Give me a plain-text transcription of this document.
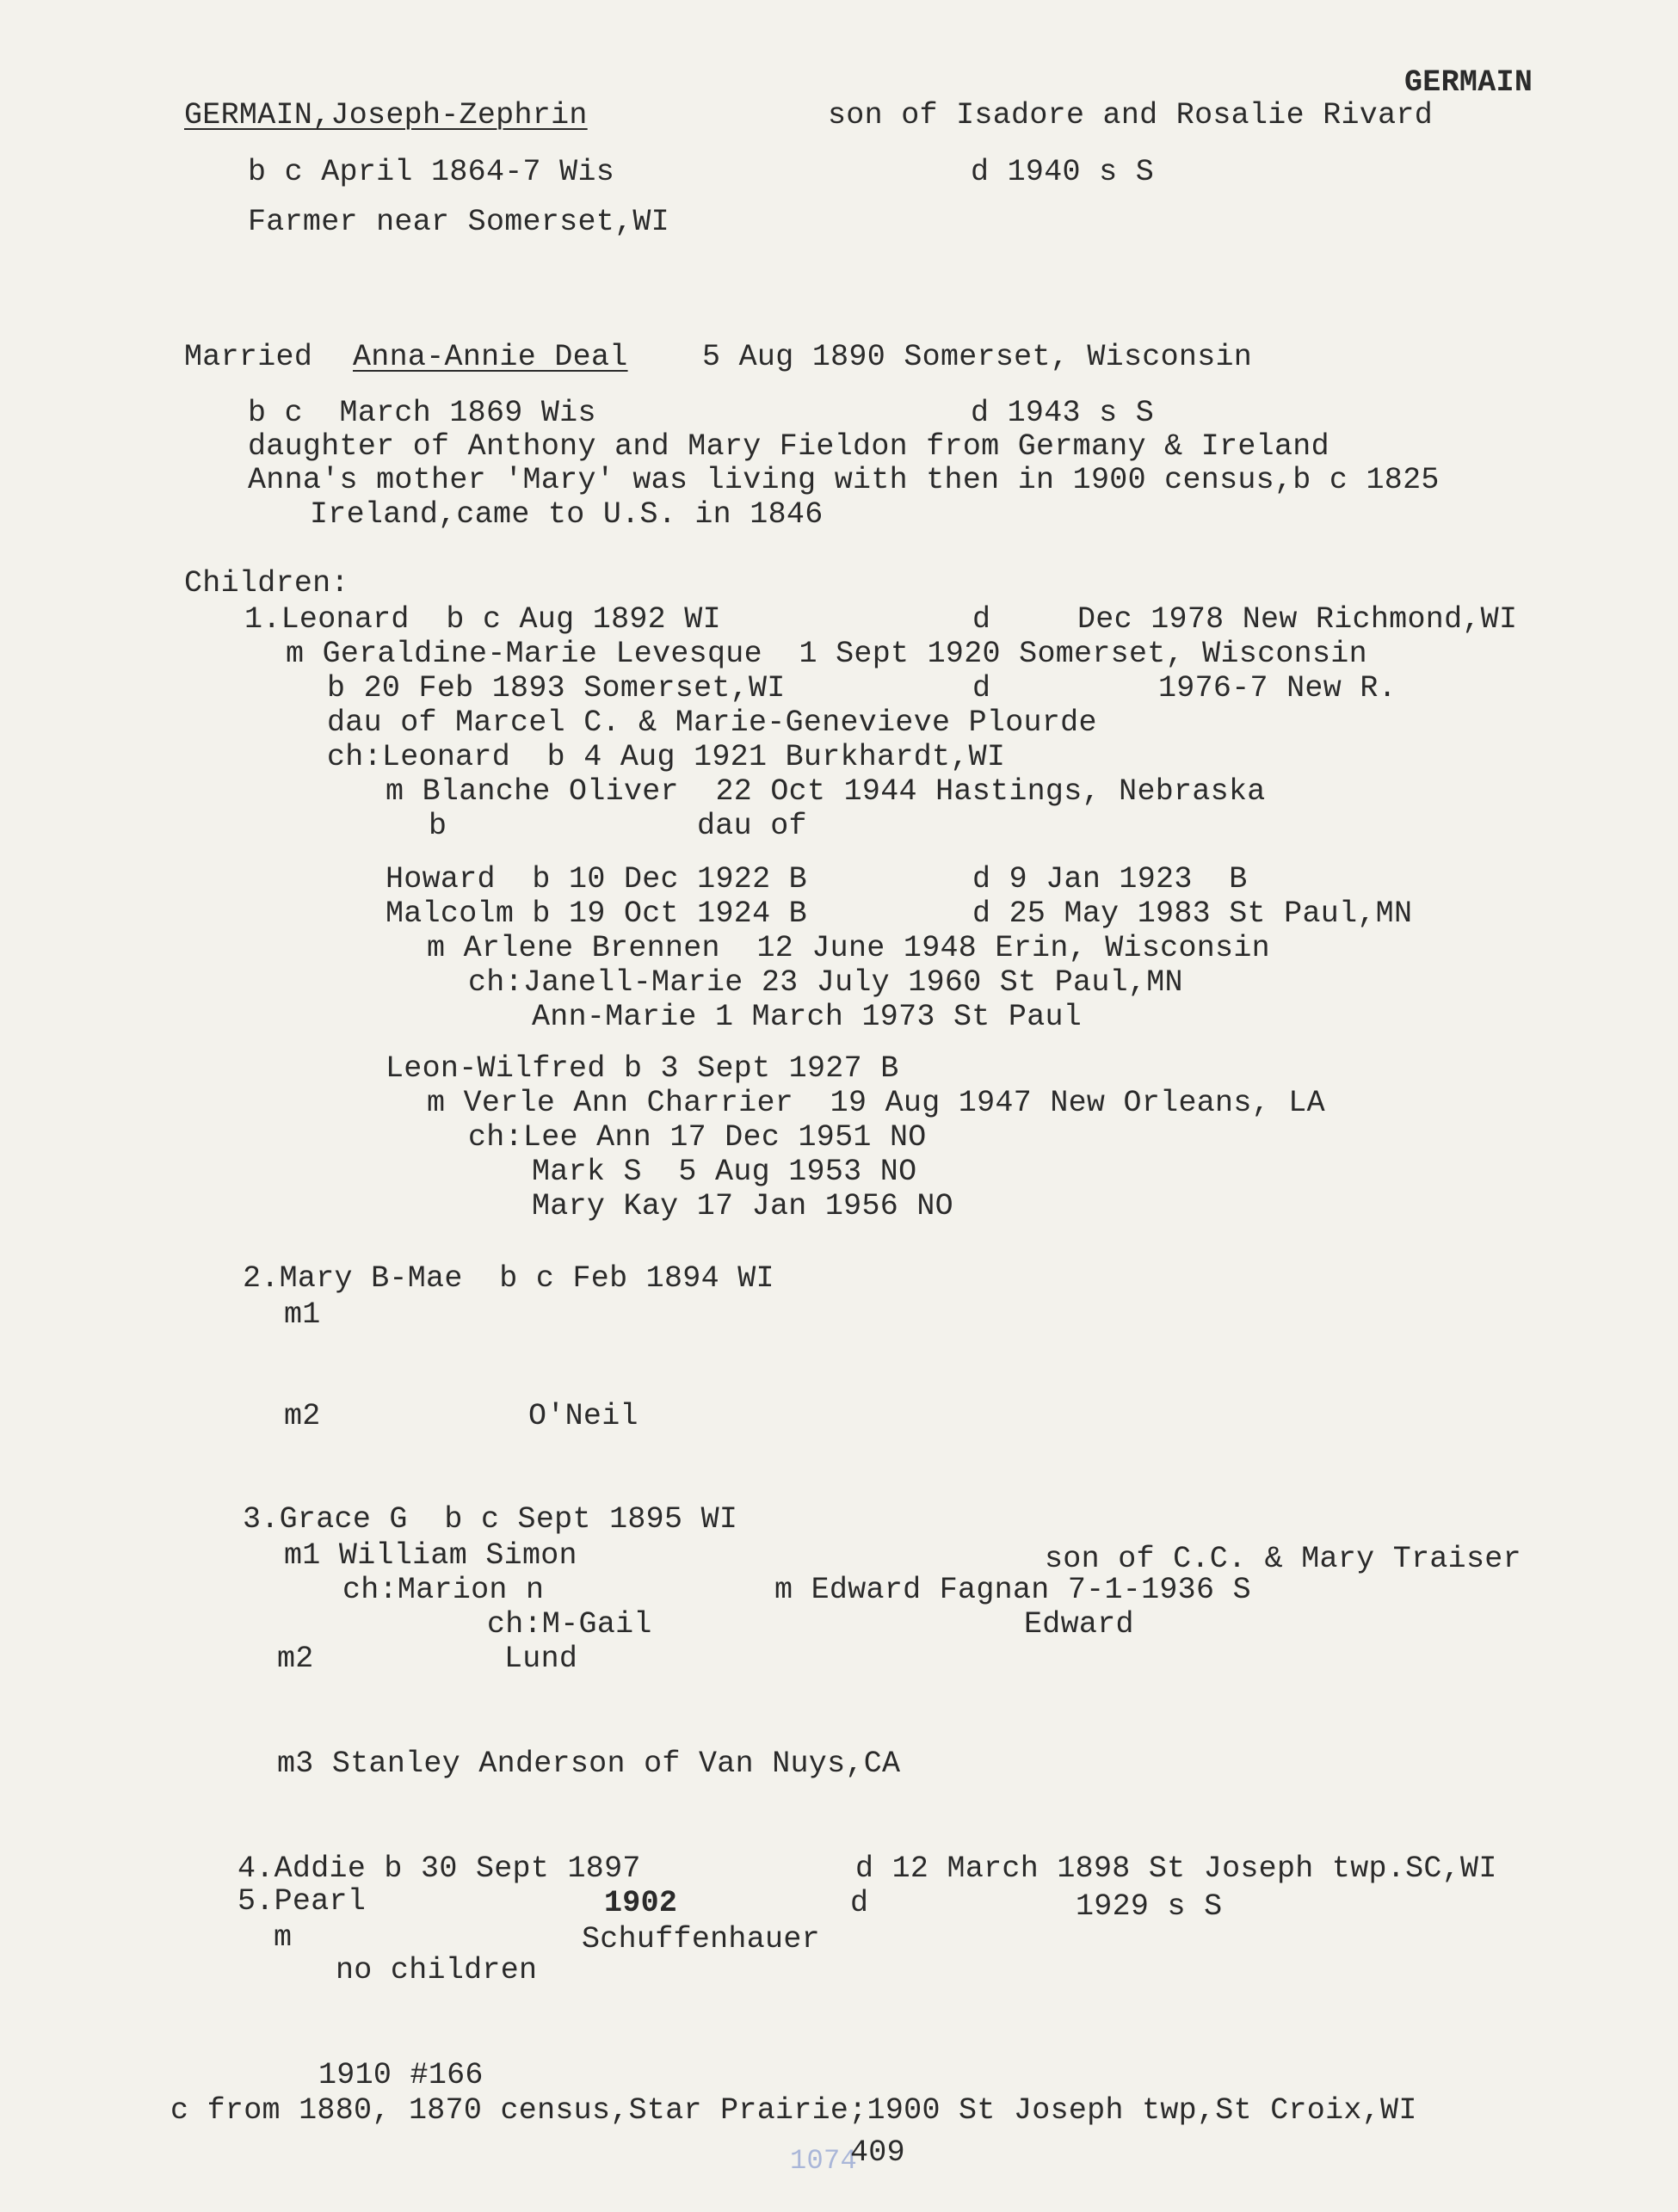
GERMAIN
GERMAIN,Joseph-Zephrin	son of Isadore and Rosalie Rivard
b c April 1864-7 Wis	d 1940 s S
Farmer near Somerset,WI
Married Anna-Annie Deal 5 Aug 1890 Somerset, Wisconsin
b c  March 1869 Wis	d 1943 s S
daughter of Anthony and Mary Fieldon from Germany & Ireland
Anna's mother 'Mary' was living with then in 1900 census,b c 1825
Ireland,came to U.S. in 1846
Children:
1.Leonard  b c Aug 1892 WI	d	Dec 1978 New Richmond,WI
m Geraldine-Marie Levesque  1 Sept 1920 Somerset, Wisconsin
b 20 Feb 1893 Somerset,WI	d	1976-7 New R.
dau of Marcel C. & Marie-Genevieve Plourde
ch:Leonard  b 4 Aug 1921 Burkhardt,WI
m Blanche Oliver  22 Oct 1944 Hastings, Nebraska
b	dau of
Howard  b 10 Dec 1922 B	d 9 Jan 1923  B
Malcolm b 19 Oct 1924 B	d 25 May 1983 St Paul,MN
m Arlene Brennen  12 June 1948 Erin, Wisconsin
ch:Janell-Marie 23 July 1960 St Paul,MN
Ann-Marie 1 March 1973 St Paul
Leon-Wilfred b 3 Sept 1927 B
m Verle Ann Charrier  19 Aug 1947 New Orleans, LA
ch:Lee Ann 17 Dec 1951 NO
Mark S  5 Aug 1953 NO
Mary Kay 17 Jan 1956 NO
2.Mary B-Mae  b c Feb 1894 WI
m1
m2	O'Neil
3.Grace G  b c Sept 1895 WI
m1 William Simon	son of C.C. & Mary Traiser
ch:Marion n	m Edward Fagnan 7-1-1936 S
ch:M-Gail	Edward
m2	Lund
m3 Stanley Anderson of Van Nuys,CA
4.Addie b 30 Sept 1897	d 12 March 1898 St Joseph twp.SC,WI
5.Pearl	1902	d	1929 s S
m	Schuffenhauer
no children
1910 #166
c from 1880, 1870 census,Star Prairie;1900 St Joseph twp,St Croix,WI
1074
409
